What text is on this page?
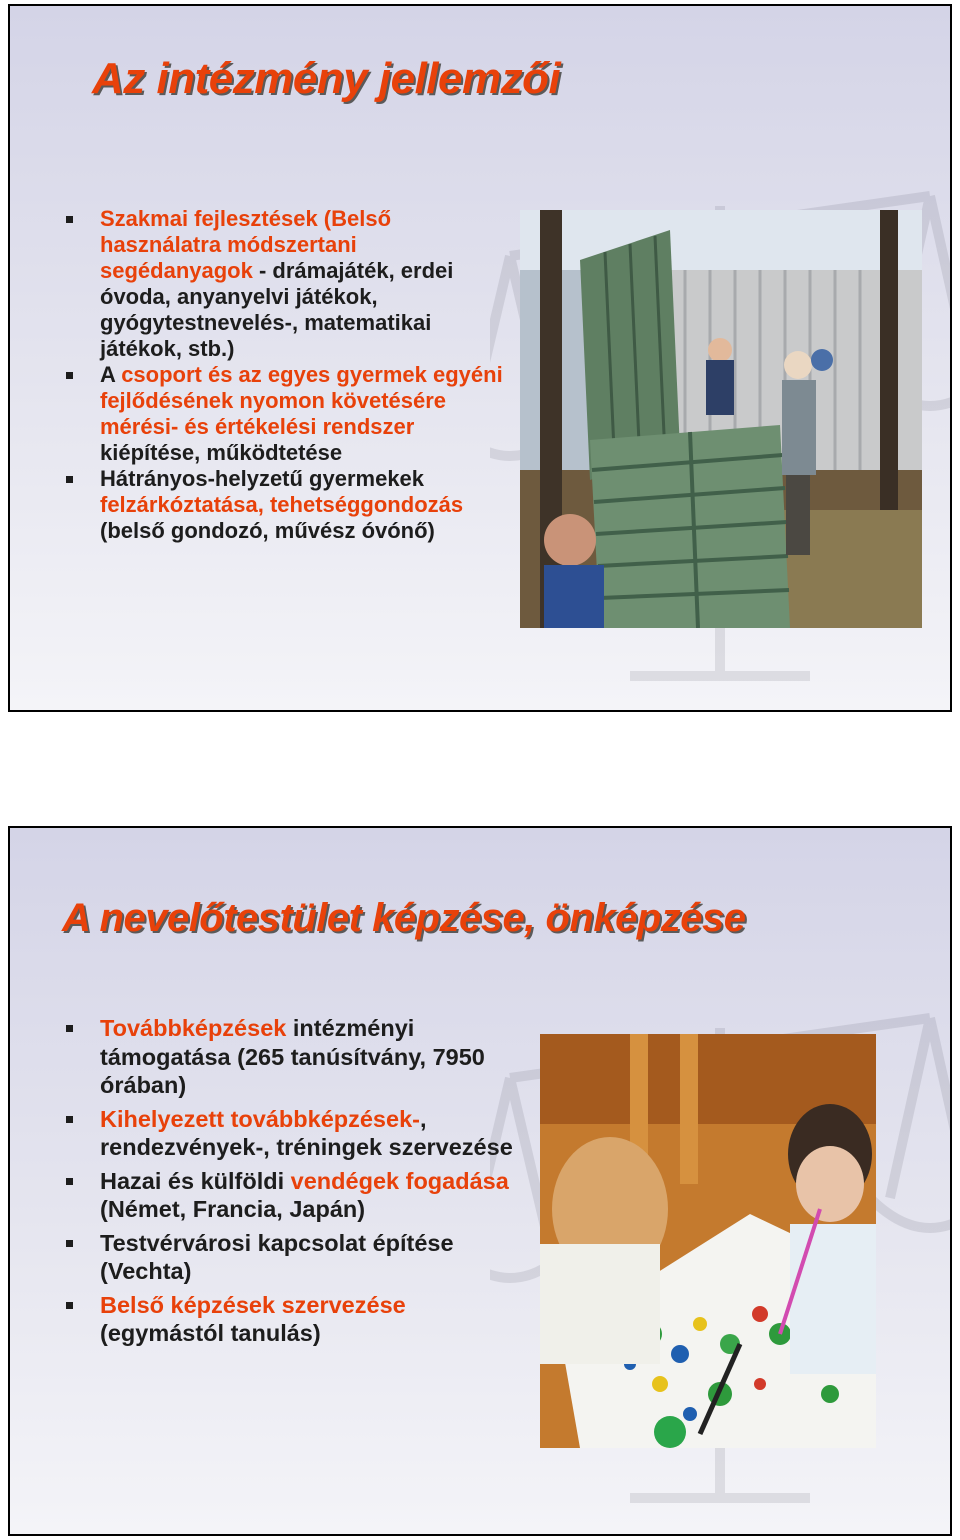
Az intézmény jellemzői
Szakmai fejlesztések (Belső használatra módszertani segédanyagok - drámajáték, erdei óvoda, anyanyelvi játékok, gyógytestnevelés-, matematikai játékok, stb.)
A csoport és az egyes gyermek egyéni fejlődésének nyomon követésére mérési- és értékelési rendszer kiépítése, működtetése
Hátrányos-helyzetű gyermekek felzárkóztatása, tehetséggondozás (belső gondozó, művész óvónő)
A nevelőtestület képzése, önképzése
Továbbképzések intézményi támogatása (265 tanúsítvány, 7950 órában)
Kihelyezett továbbképzések-, rendezvények-, tréningek szervezése
Hazai és külföldi vendégek fogadása (Német, Francia, Japán)
Testvérvárosi kapcsolat építése (Vechta)
Belső képzések szervezése (egymástól tanulás)
